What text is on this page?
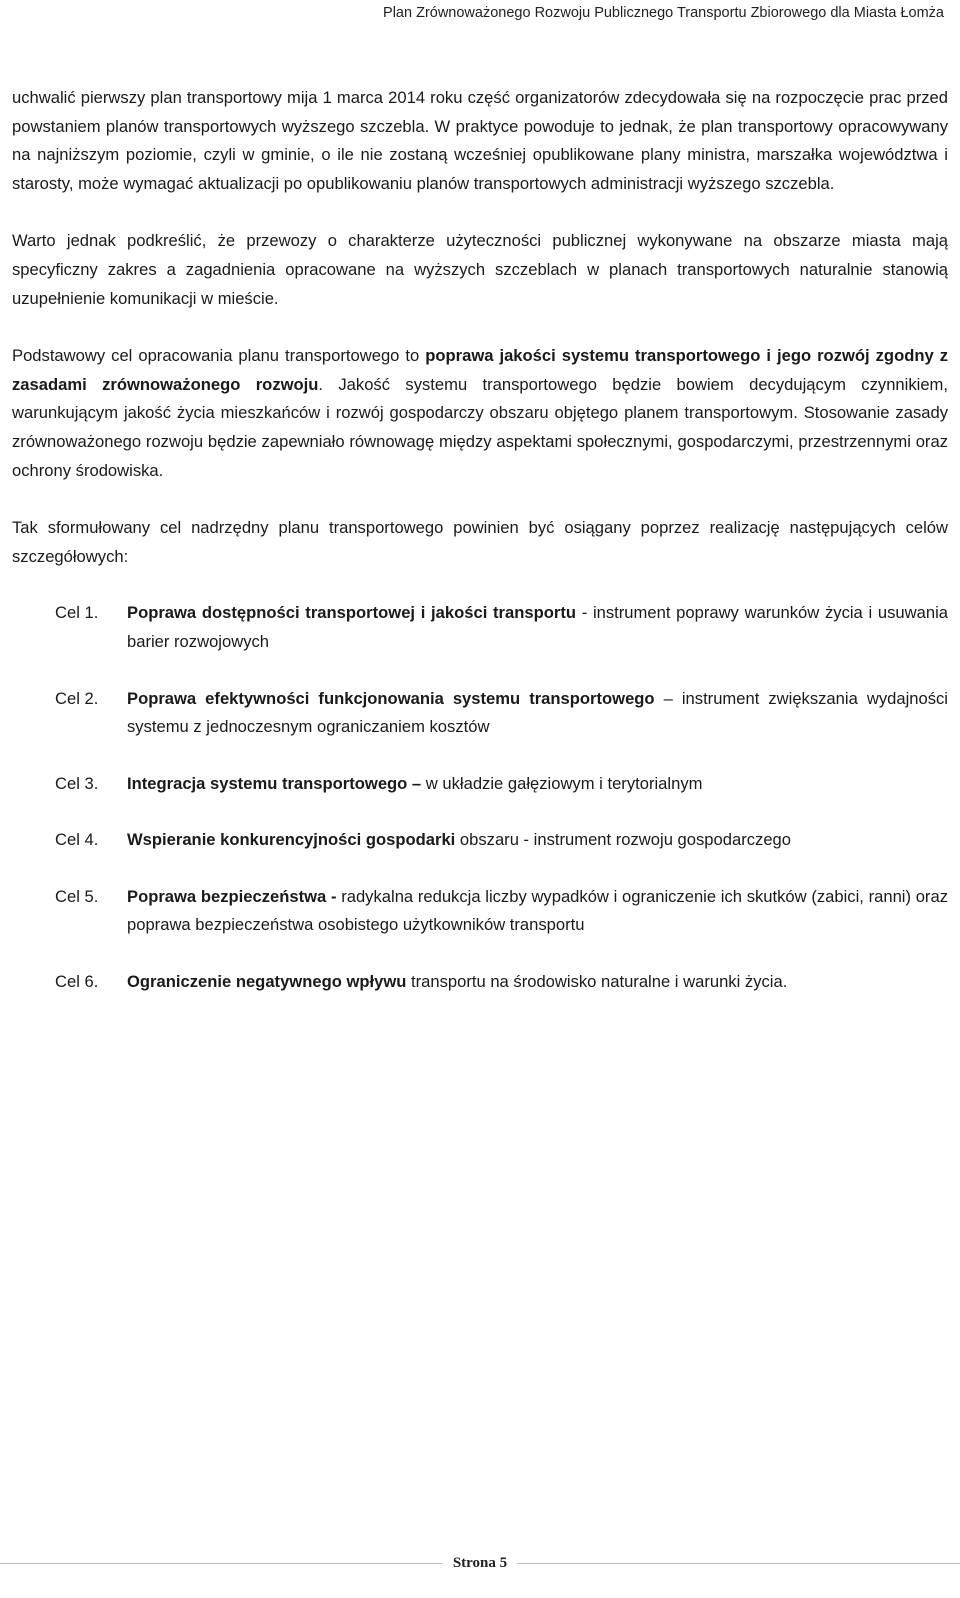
Plan Zrównoważonego Rozwoju Publicznego Transportu Zbiorowego dla Miasta Łomża

uchwalić pierwszy plan transportowy mija 1 marca 2014 roku część organizatorów zdecydowała się na rozpoczęcie prac przed powstaniem planów transportowych wyższego szczebla. W praktyce powoduje to jednak, że plan transportowy opracowywany na najniższym poziomie, czyli w gminie, o ile nie zostaną wcześniej opublikowane plany ministra, marszałka województwa i starosty, może wymagać aktualizacji po opublikowaniu planów transportowych administracji wyższego szczebla.

Warto jednak podkreślić, że przewozy o charakterze użyteczności publicznej wykonywane na obszarze miasta mają specyficzny zakres a zagadnienia opracowane na wyższych szczeblach w planach transportowych naturalnie stanowią uzupełnienie komunikacji w mieście.

Podstawowy cel opracowania planu transportowego to poprawa jakości systemu transportowego i jego rozwój zgodny z zasadami zrównoważonego rozwoju. Jakość systemu transportowego będzie bowiem decydującym czynnikiem, warunkującym jakość życia mieszkańców i rozwój gospodarczy obszaru objętego planem transportowym. Stosowanie zasady zrównoważonego rozwoju będzie zapewniało równowagę między aspektami społecznymi, gospodarczymi, przestrzennymi oraz ochrony środowiska.

Tak sformułowany cel nadrzędny planu transportowego powinien być osiągany poprzez realizację następujących celów szczegółowych:

Cel 1.	Poprawa dostępności transportowej i jakości transportu - instrument poprawy warunków życia i usuwania barier rozwojowych
Cel 2.	Poprawa efektywności funkcjonowania systemu transportowego – instrument zwiększania wydajności systemu z jednoczesnym ograniczaniem kosztów
Cel 3.	Integracja systemu transportowego – w układzie gałęziowym i terytorialnym
Cel 4.	Wspieranie konkurencyjności gospodarki obszaru - instrument rozwoju gospodarczego
Cel 5.	Poprawa bezpieczeństwa - radykalna redukcja liczby wypadków i ograniczenie ich skutków (zabici, ranni) oraz poprawa bezpieczeństwa osobistego użytkowników transportu
Cel 6.	Ograniczenie negatywnego wpływu transportu na środowisko naturalne i warunki życia.
Strona 5
